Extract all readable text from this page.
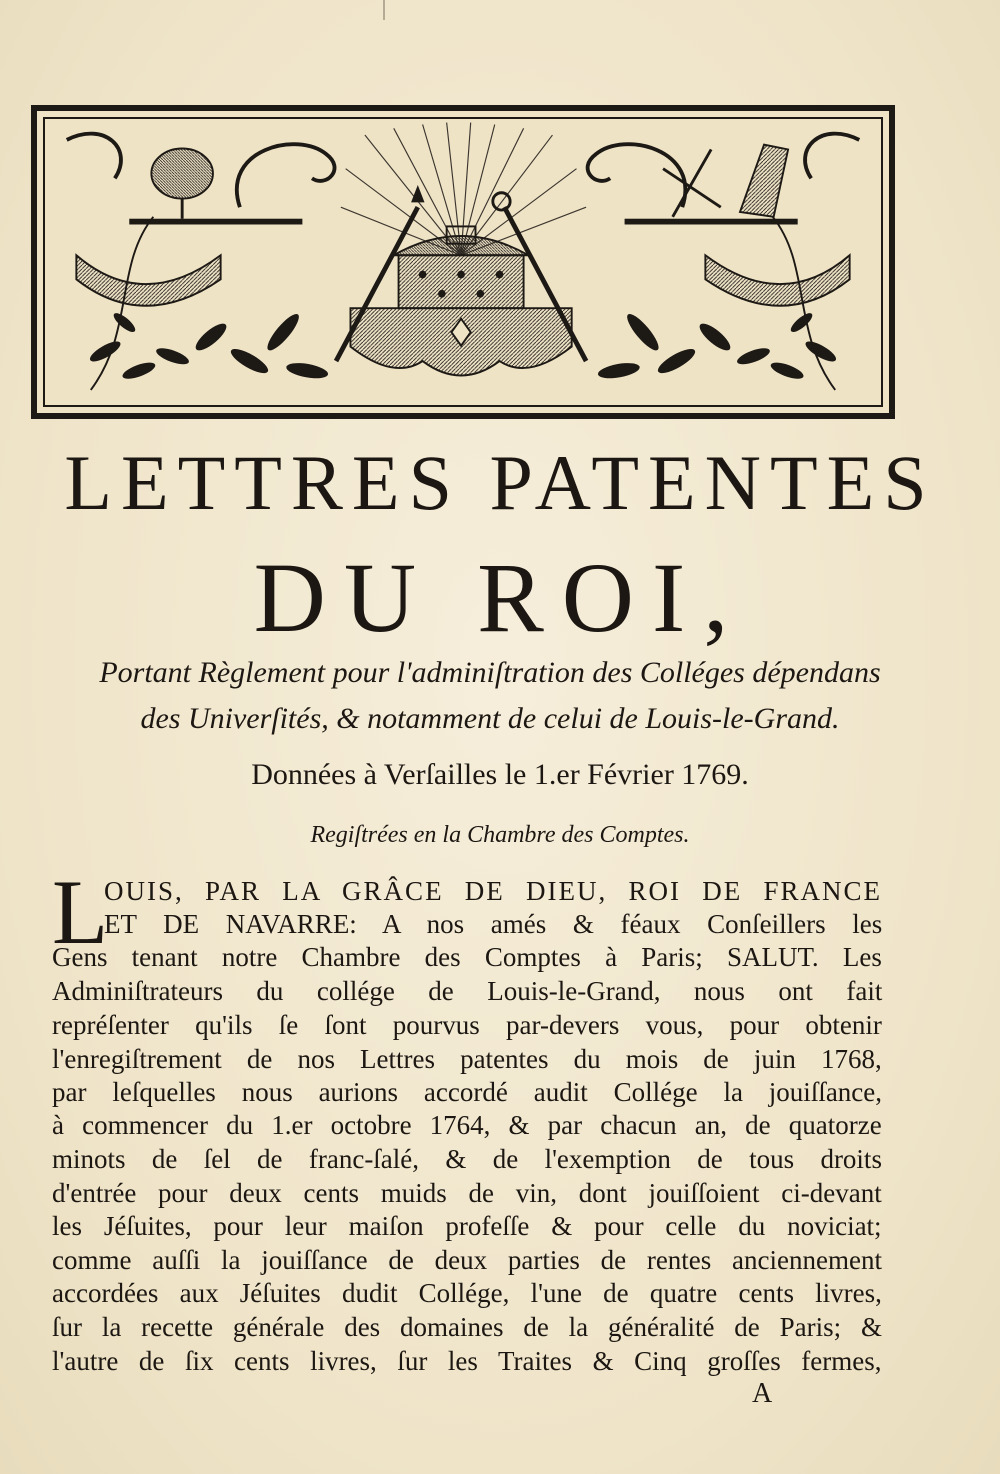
LETTRES PATENTES
DU ROI,
Portant Règlement pour l'adminiſtration des Colléges dépendans
des Univerſités, & notamment de celui de Louis-le-Grand.
Données à Verſailles le 1.er Février 1769.
Regiſtrées en la Chambre des Comptes.
L
OUIS, PAR LA GRÂCE DE DIEU, ROI DE FRANCE
ET DE NAVARRE: A nos amés & féaux Conſeillers les
Gens tenant notre Chambre des Comptes à Paris; SALUT. Les
Adminiſtrateurs du collége de Louis-le-Grand, nous ont fait
repréſenter qu'ils ſe ſont pourvus par-devers vous, pour obtenir
l'enregiſtrement de nos Lettres patentes du mois de juin 1768,
par leſquelles nous aurions accordé audit Collége la jouiſſance,
à commencer du 1.er octobre 1764, & par chacun an, de quatorze
minots de ſel de franc-ſalé, & de l'exemption de tous droits
d'entrée pour deux cents muids de vin, dont jouiſſoient ci-devant
les Jéſuites, pour leur maiſon profeſſe & pour celle du noviciat;
comme auſſi la jouiſſance de deux parties de rentes anciennement
accordées aux Jéſuites dudit Collége, l'une de quatre cents livres,
ſur la recette générale des domaines de la généralité de Paris; &
l'autre de ſix cents livres, ſur les Traites & Cinq groſſes fermes,
A
